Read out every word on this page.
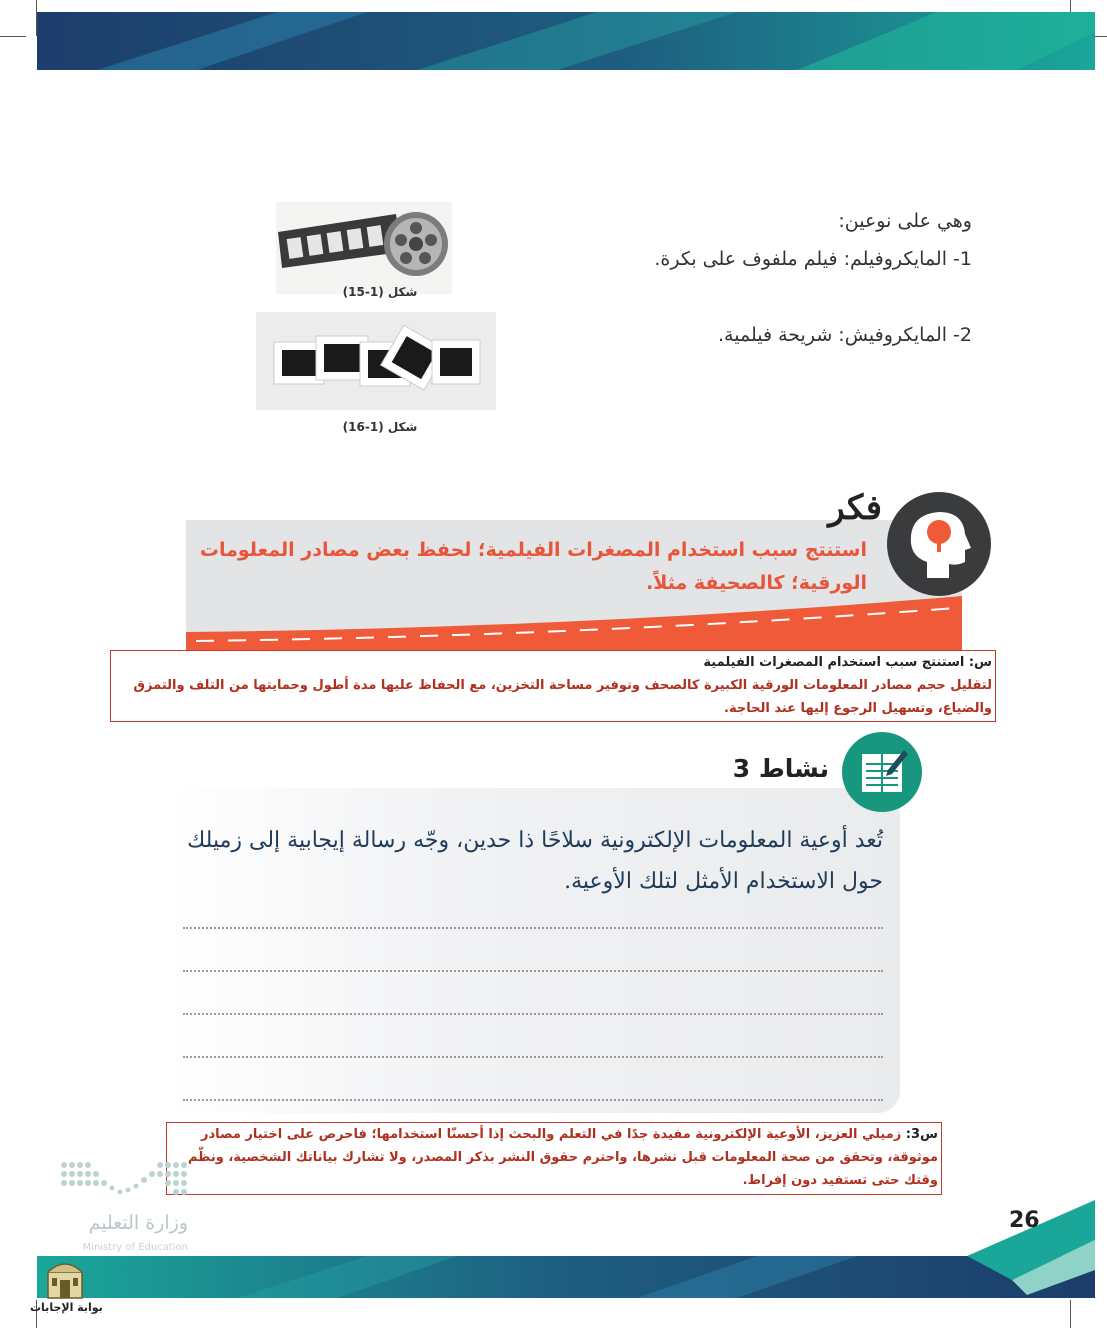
وهي على نوعين:
1- المايكروفيلم: فيلم ملفوف على بكرة.
2- المايكروفيش: شريحة فيلمية.
شكل (1-15)
شكل (1-16)
فكر
استنتج سبب استخدام المصغرات الفيلمية؛ لحفظ بعض مصادر المعلومات الورقية؛ كالصحيفة مثلاً.
س: استنتج سبب استخدام المصغرات الفيلمية
لتقليل حجم مصادر المعلومات الورقية الكبيرة كالصحف وتوفير مساحة التخزين، مع الحفاظ عليها مدة أطول وحمايتها من التلف والتمزق والضياع، وتسهيل الرجوع إليها عند الحاجة.
نشاط 3
تُعد أوعية المعلومات الإلكترونية سلاحًا ذا حدين، وجّه رسالة إيجابية إلى زميلك حول الاستخدام الأمثل لتلك الأوعية.
س3: زميلي العزيز، الأوعية الإلكترونية مفيدة جدًا في التعلم والبحث إذا أحسنّا استخدامها؛ فاحرص على اختيار مصادر موثوقة، وتحقق من صحة المعلومات قبل نشرها، واحترم حقوق النشر بذكر المصدر، ولا تشارك بياناتك الشخصية، ونظّم وقتك حتى تستفيد دون إفراط.
26
وزارة التعليم
Ministry of Education
بوابة الإجابات
